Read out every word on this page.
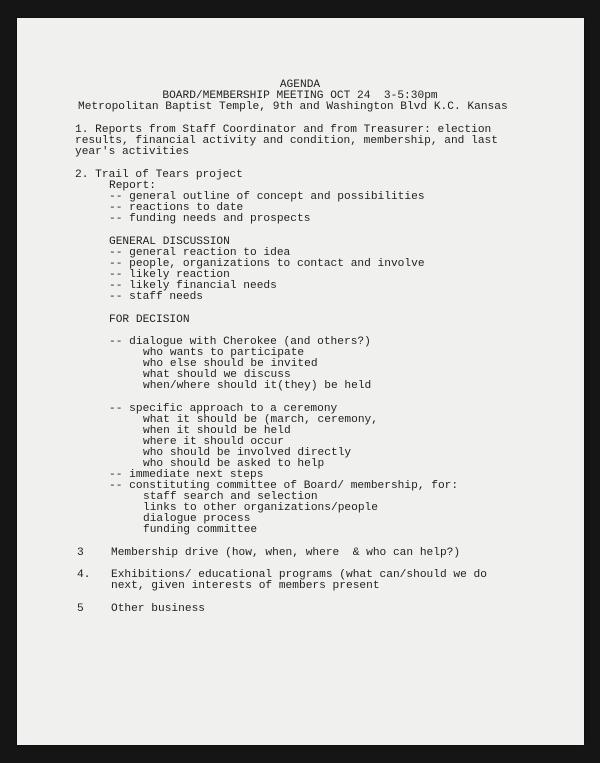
AGENDA
BOARD/MEMBERSHIP MEETING OCT 24  3-5:30pm
Metropolitan Baptist Temple, 9th and Washington Blvd K.C. Kansas
1. Reports from Staff Coordinator and from Treasurer: election
results, financial activity and condition, membership, and last
year's activities
2. Trail of Tears project
Report:
-- general outline of concept and possibilities
-- reactions to date
-- funding needs and prospects
GENERAL DISCUSSION
-- general reaction to idea
-- people, organizations to contact and involve
-- likely reaction
-- likely financial needs
-- staff needs
FOR DECISION
-- dialogue with Cherokee (and others?)
who wants to participate
who else should be invited
what should we discuss
when/where should it(they) be held
-- specific approach to a ceremony
what it should be (march, ceremony,
when it should be held
where it should occur
who should be involved directly
who should be asked to help
-- immediate next steps
-- constituting committee of Board/ membership, for:
staff search and selection
links to other organizations/people
dialogue process
funding committee
3 Membership drive (how, when, where  & who can help?)
4. Exhibitions/ educational programs (what can/should we do
next, given interests of members present
5 Other business
